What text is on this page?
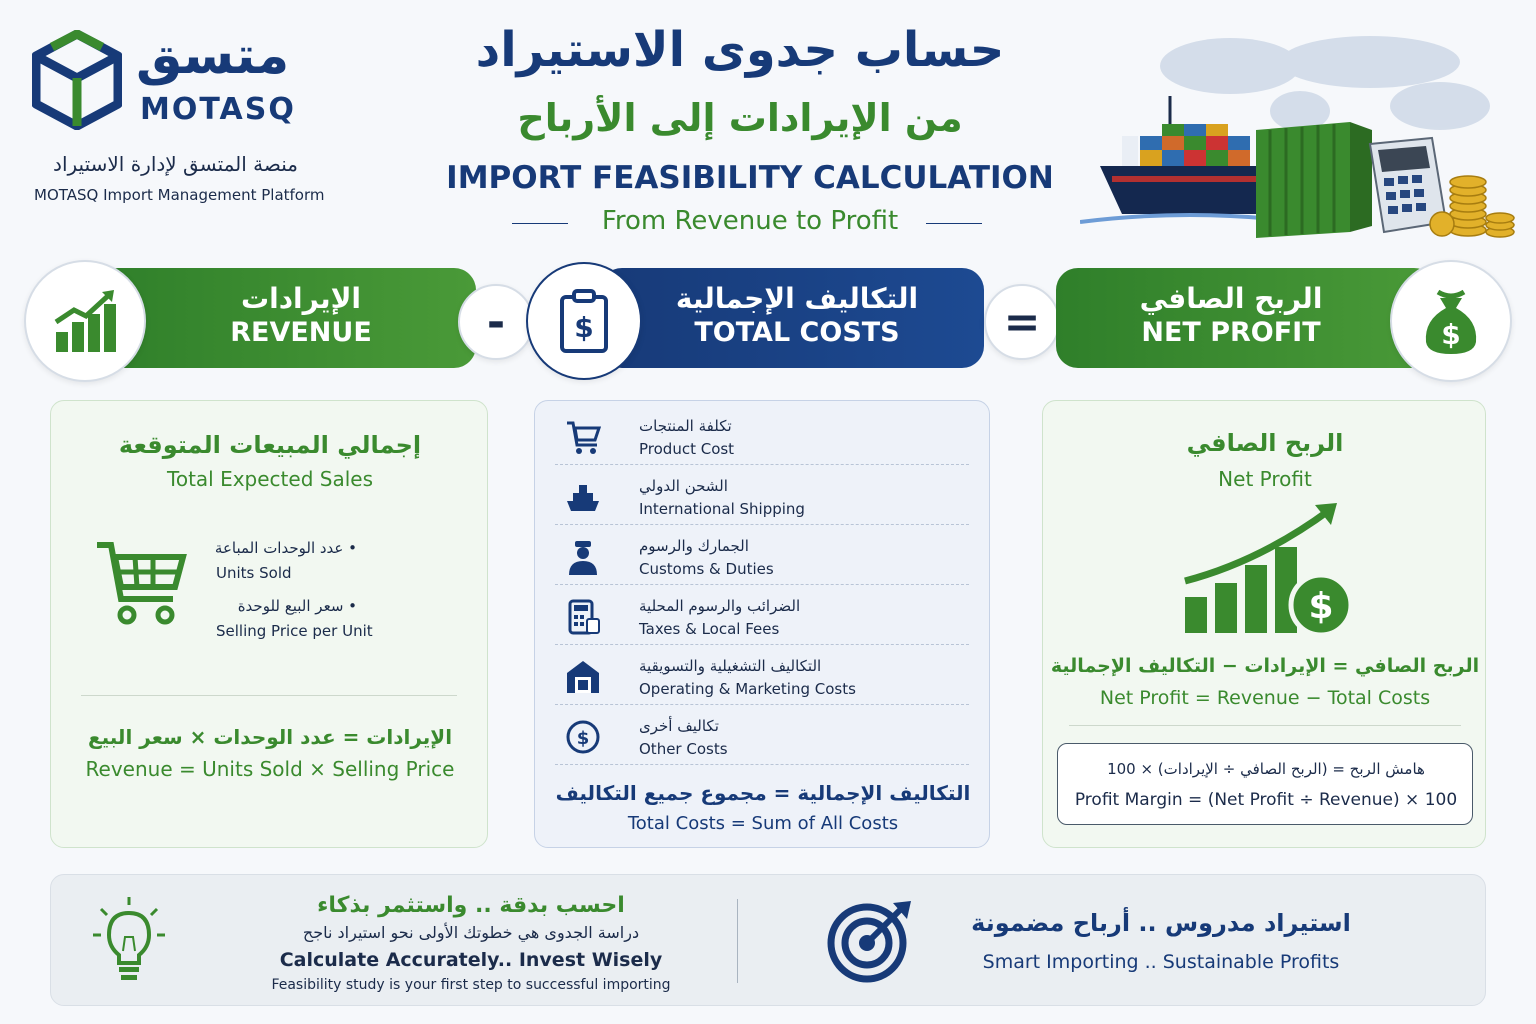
متسق
MOTASQ
منصة المتسق لإدارة الاستيراد
MOTASQ Import Management Platform
حساب جدوى الاستيراد
من الإيرادات إلى الأرباح
IMPORT FEASIBILITY CALCULATION
From Revenue to Profit
الإيرادات
REVENUE	-	التكاليف الإجمالية
TOTAL COSTS
$	=	الربح الصافي
NET PROFIT	$
إجمالي المبيعات المتوقعة
Total Expected Sales
• عدد الوحدات المباعة
Units Sold
• سعر البيع للوحدة
Selling Price per Unit
الإيرادات = عدد الوحدات × سعر البيع
Revenue = Units Sold × Selling Price
تكلفة المنتجات
Product Cost
الشحن الدولي
International Shipping
الجمارك والرسوم
Customs & Duties
الضرائب والرسوم المحلية
Taxes & Local Fees
التكاليف التشغيلية والتسويقية
Operating & Marketing Costs
$
تكاليف أخرى
Other Costs
التكاليف الإجمالية = مجموع جميع التكاليف
Total Costs = Sum of All Costs
الربح الصافي
Net Profit
$
الربح الصافي = الإيرادات − التكاليف الإجمالية
Net Profit = Revenue − Total Costs
هامش الربح = (الربح الصافي ÷ الإيرادات) × 100
Profit Margin = (Net Profit ÷ Revenue) × 100
احسب بدقة .. واستثمر بذكاء
دراسة الجدوى هي خطوتك الأولى نحو استيراد ناجح
Calculate Accurately.. Invest Wisely
Feasibility study is your first step to successful importing
استيراد مدروس .. أرباح مضمونة
Smart Importing .. Sustainable Profits
